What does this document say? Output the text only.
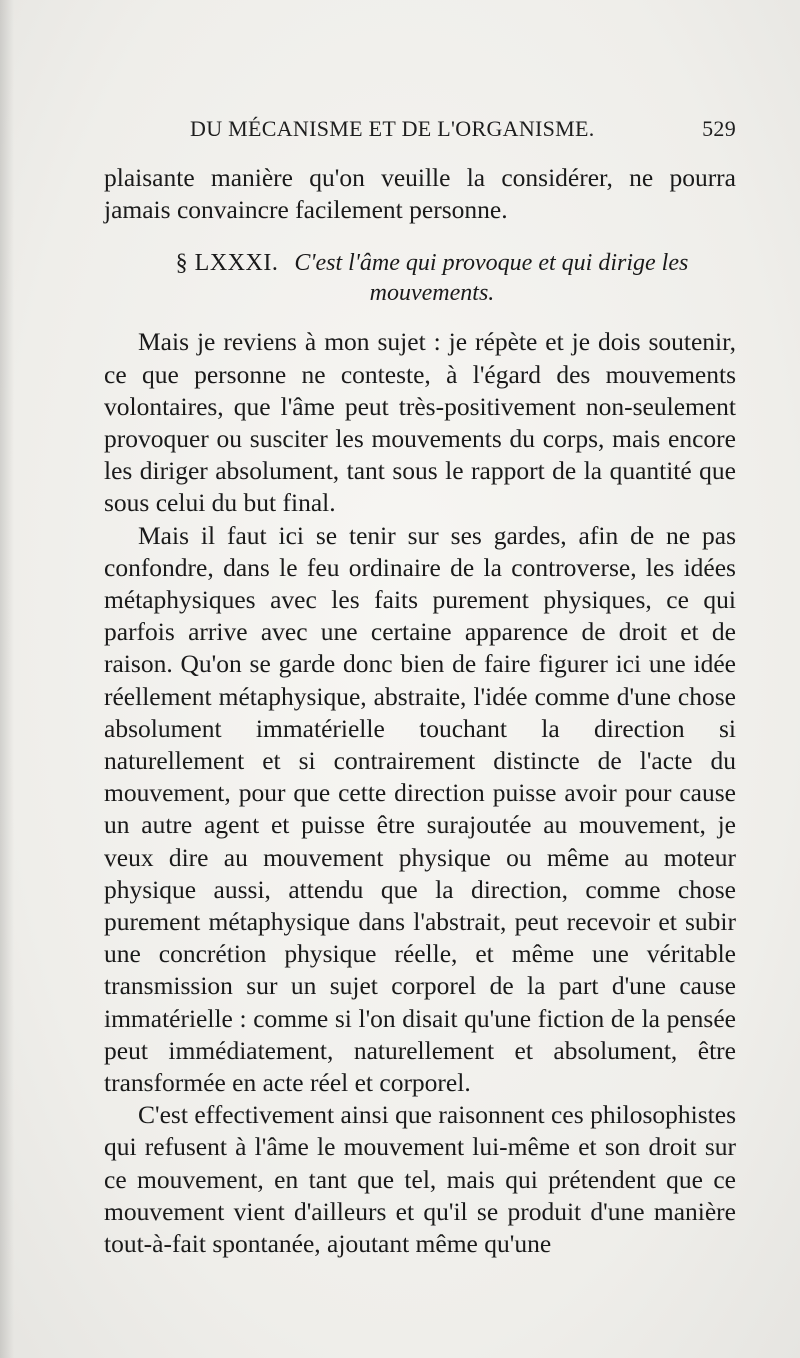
DU MÉCANISME ET DE L'ORGANISME.	529

plaisante manière qu'on veuille la considérer, ne pourra jamais convaincre facilement personne.

§ LXXXI. C'est l'âme qui provoque et qui dirige les mouvements.

Mais je reviens à mon sujet : je répète et je dois soutenir, ce que personne ne conteste, à l'égard des mouvements volontaires, que l'âme peut très-positivement non-seulement provoquer ou susciter les mouvements du corps, mais encore les diriger absolument, tant sous le rapport de la quantité que sous celui du but final.

Mais il faut ici se tenir sur ses gardes, afin de ne pas confondre, dans le feu ordinaire de la controverse, les idées métaphysiques avec les faits purement physiques, ce qui parfois arrive avec une certaine apparence de droit et de raison. Qu'on se garde donc bien de faire figurer ici une idée réellement métaphysique, abstraite, l'idée comme d'une chose absolument immatérielle touchant la direction si naturellement et si contrairement distincte de l'acte du mouvement, pour que cette direction puisse avoir pour cause un autre agent et puisse être surajoutée au mouvement, je veux dire au mouvement physique ou même au moteur physique aussi, attendu que la direction, comme chose purement métaphysique dans l'abstrait, peut recevoir et subir une concrétion physique réelle, et même une véritable transmission sur un sujet corporel de la part d'une cause immatérielle : comme si l'on disait qu'une fiction de la pensée peut immédiatement, naturellement et absolument, être transformée en acte réel et corporel.

C'est effectivement ainsi que raisonnent ces philosophistes qui refusent à l'âme le mouvement lui-même et son droit sur ce mouvement, en tant que tel, mais qui prétendent que ce mouvement vient d'ailleurs et qu'il se produit d'une manière tout-à-fait spontanée, ajoutant même qu'une
